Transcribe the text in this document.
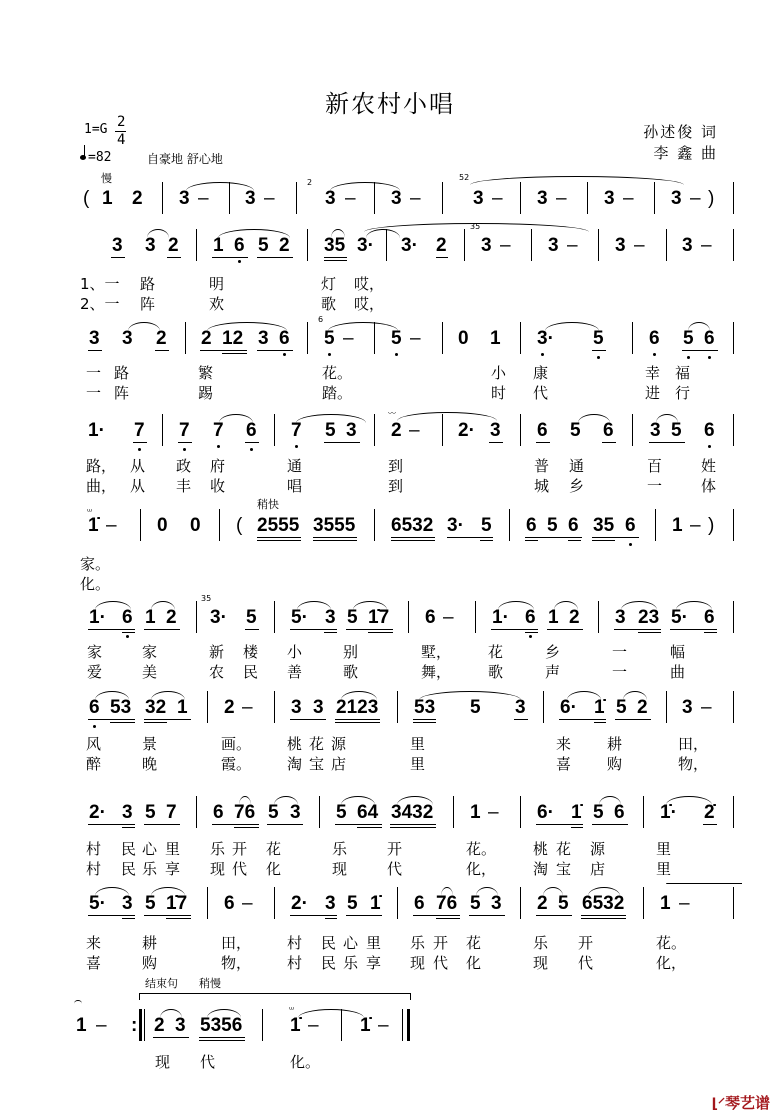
新农村小唱
1=G 2
4
=82	自豪地 舒心地
孙述俊 词
李 鑫 曲
慢
( 1 2 3 – 3 –
2
3 – 3 –
52
3 – 3 – 3 – 3 – )
3 3 2 1 6 5 2 35 3· 3· 2
35
3 – 3 – 3 – 3 –
1、一 路	明	灯 哎，
2、一 阵	欢	歌 哎，
3 3 2 2 12 3 6
6
5 – 5 – 0 1 3· 5 6 5 6
一 路	繁	花。	小 康	幸 福
一 阵	踢	踏。	时 代	进 行
1· 7 7 7 6 7 5 3
〰
2 – 2· 3 6 5 6 3 5 6
路， 从 政 府	通	到	普 通	百	姓
曲， 从 丰 收	唱	到	城 乡	一	体
稍快
ᵚ
1̇ – 0 0 ( 2555 3555 6532 3· 5 6 5 6 35 6 1 – )
家。
化。
1· 6 1 2
35
3· 5 5· 3 5 1̇7 6 – 1· 6 1 2 3 23 5· 6
家	家	新 楼 小	别	墅， 花	乡	一	幅
爱	美	农 民 善	歌	舞， 歌	声	一	曲
6 53 32 1 2 – 3 3 2123 53 5 3 6· 1̇ 5 2 3 –
风	景	画。 桃 花 源	里	来 耕	田，
醉	晚	霞。 淘 宝 店	里	喜 购	物，
2· 3 5 7 6 76 5 3 5 64 3432 1 – 6· 1̇ 5 6 1̇· 2̇
村 民 心 里 乐 开 花	乐	开	花。 桃 花 源	里
村 民 乐 享 现 代 化	现	代	化， 淘 宝 店	里
5· 3 5 1̇7 6 – 2· 3 5 1̇ 6 76 5 3 2 5 6532 1 –
来	耕	田， 村 民 心 里 乐 开 花	乐 开	花。
喜	购	物， 村 民 乐 享 现 代 化	现 代	化，
结束句 稍慢
1 – : 2 3 5356
ᵚ
1̇ – 1̇ –
现 代	化。
⌊⸍琴艺谱
